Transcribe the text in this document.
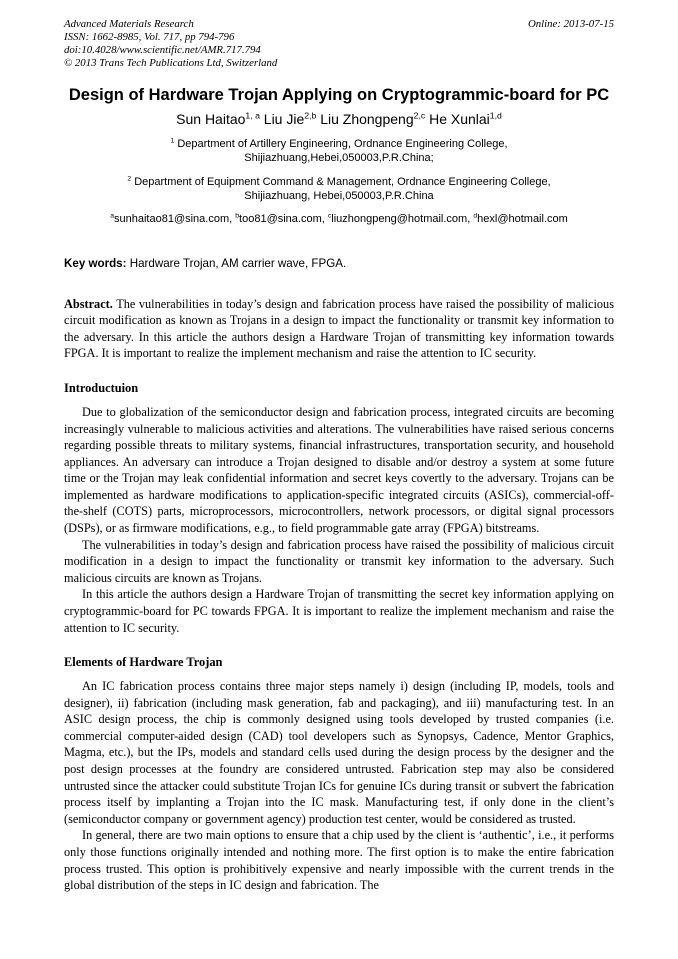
Advanced Materials Research
ISSN: 1662-8985, Vol. 717, pp 794-796
doi:10.4028/www.scientific.net/AMR.717.794
© 2013 Trans Tech Publications Ltd, Switzerland
Online: 2013-07-15
Design of Hardware Trojan Applying on Cryptogrammic-board for PC
Sun Haitao$^{1, a}$ Liu Jie$^{2,b}$ Liu Zhongpeng$^{2,c}$ He Xunlai$^{1,d}$
$^1$ Department of Artillery Engineering, Ordnance Engineering College,
Shijiazhuang,Hebei,050003,P.R.China;
$^2$ Department of Equipment Command & Management, Ordnance Engineering College,
Shijiazhuang, Hebei,050003,P.R.China
$^a$sunhaitao81@sina.com, $^b$too81@sina.com, $^c$liuzhongpeng@hotmail.com, $^d$hexl@hotmail.com
Key words: Hardware Trojan, AM carrier wave, FPGA.
Abstract. The vulnerabilities in today’s design and fabrication process have raised the possibility of malicious circuit modification as known as Trojans in a design to impact the functionality or transmit key information to the adversary. In this article the authors design a Hardware Trojan of transmitting key information towards FPGA. It is important to realize the implement mechanism and raise the attention to IC security.
Introductuion

Due to globalization of the semiconductor design and fabrication process, integrated circuits are becoming increasingly vulnerable to malicious activities and alterations. The vulnerabilities have raised serious concerns regarding possible threats to military systems, financial infrastructures, transportation security, and household appliances. An adversary can introduce a Trojan designed to disable and/or destroy a system at some future time or the Trojan may leak confidential information and secret keys covertly to the adversary. Trojans can be implemented as hardware modifications to application-specific integrated circuits (ASICs), commercial-off-the-shelf (COTS) parts, microprocessors, microcontrollers, network processors, or digital signal processors (DSPs), or as firmware modifications, e.g., to field programmable gate array (FPGA) bitstreams.

The vulnerabilities in today’s design and fabrication process have raised the possibility of malicious circuit modification in a design to impact the functionality or transmit key information to the adversary. Such malicious circuits are known as Trojans.

In this article the authors design a Hardware Trojan of transmitting the secret key information applying on cryptogrammic-board for PC towards FPGA. It is important to realize the implement mechanism and raise the attention to IC security.

Elements of Hardware Trojan

An IC fabrication process contains three major steps namely i) design (including IP, models, tools and designer), ii) fabrication (including mask generation, fab and packaging), and iii) manufacturing test. In an ASIC design process, the chip is commonly designed using tools developed by trusted companies (i.e. commercial computer-aided design (CAD) tool developers such as Synopsys, Cadence, Mentor Graphics, Magma, etc.), but the IPs, models and standard cells used during the design process by the designer and the post design processes at the foundry are considered untrusted. Fabrication step may also be considered untrusted since the attacker could substitute Trojan ICs for genuine ICs during transit or subvert the fabrication process itself by implanting a Trojan into the IC mask. Manufacturing test, if only done in the client’s (semiconductor company or government agency) production test center, would be considered as trusted.

In general, there are two main options to ensure that a chip used by the client is ‘authentic’, i.e., it performs only those functions originally intended and nothing more. The first option is to make the entire fabrication process trusted. This option is prohibitively expensive and nearly impossible with the current trends in the global distribution of the steps in IC design and fabrication. The
